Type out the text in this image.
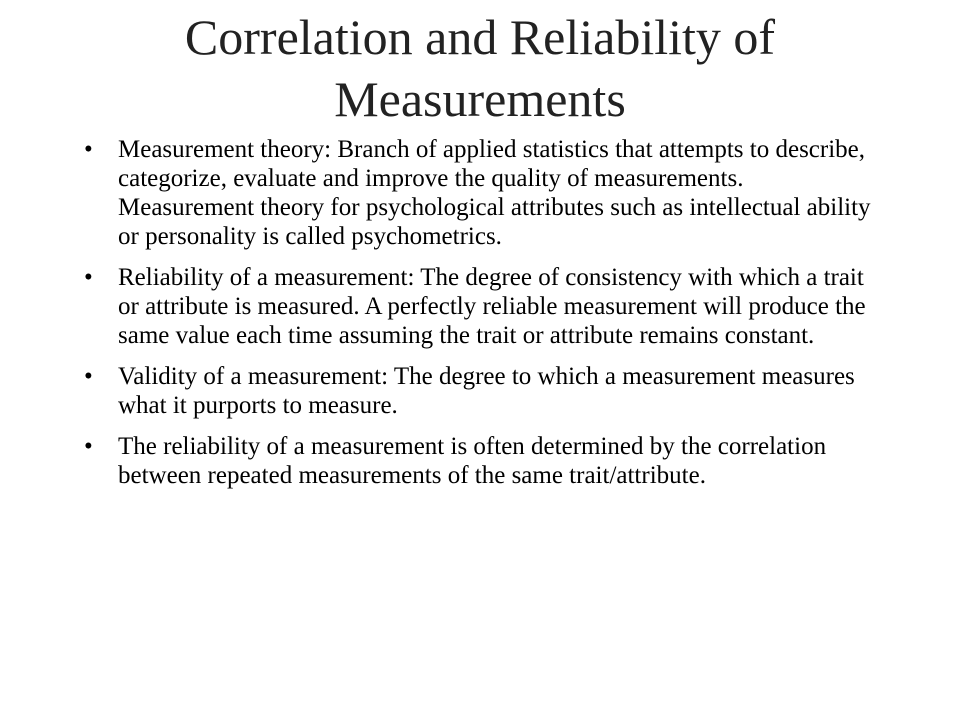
Correlation and Reliability of Measurements
• Measurement theory: Branch of applied statistics that attempts to describe, categorize, evaluate and improve the quality of measurements. Measurement theory for psychological attributes such as intellectual ability or personality is called psychometrics.
• Reliability of a measurement: The degree of consistency with which a trait or attribute is measured. A perfectly reliable measurement will produce the same value each time assuming the trait or attribute remains constant.
• Validity of a measurement: The degree to which a measurement measures what it purports to measure.
• The reliability of a measurement is often determined by the correlation between repeated measurements of the same trait/attribute.
